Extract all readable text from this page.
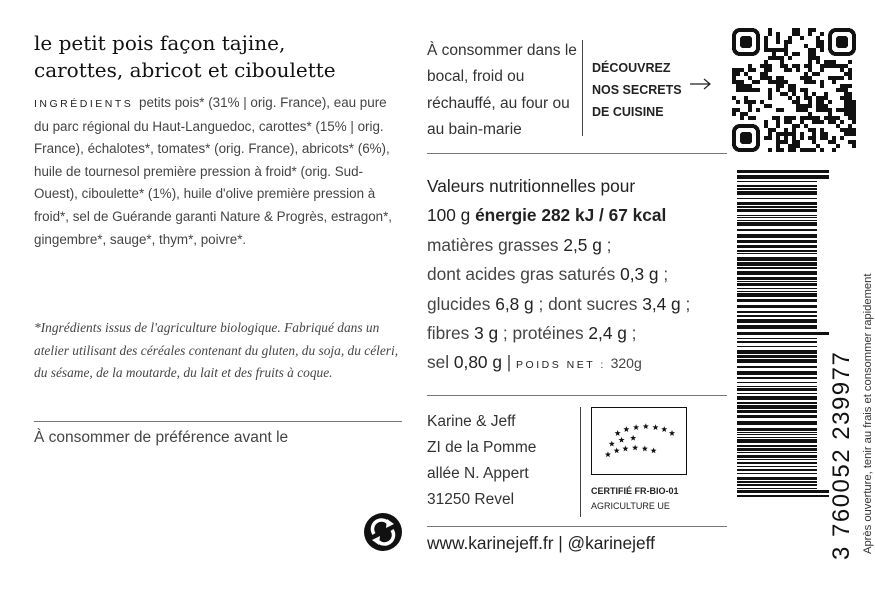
le petit pois façon tajine,
carottes, abricot et ciboulette
INGRÉDIENTS petits pois* (31% | orig. France), eau pure du parc régional du Haut-Languedoc, carottes* (15% | orig. France), échalotes*, tomates* (orig. France), abricots* (6%), huile de tournesol première pression à froid* (orig. Sud-Ouest), ciboulette* (1%), huile d'olive première pression à froid*, sel de Guérande garanti Nature & Progrès, estragon*, gingembre*, sauge*, thym*, poivre*.
*Ingrédients issus de l'agriculture biologique. Fabriqué dans un atelier utilisant des céréales contenant du gluten, du soja, du céleri, du sésame, de la moutarde, du lait et des fruits à coque.
À consommer de préférence avant le
À consommer dans le bocal, froid ou réchauffé, au four ou au bain-marie
DÉCOUVREZ
NOS SECRETS
DE CUISINE
Valeurs nutritionnelles pour
100 g énergie 282 kJ / 67 kcal
matières grasses 2,5 g ;
dont acides gras saturés 0,3 g ;
glucides 6,8 g ; dont sucres 3,4 g ;
fibres 3 g ; protéines 2,4 g ;
sel 0,80 g | POIDS NET : 320g
Karine & Jeff
ZI de la Pomme
allée N. Appert
31250 Revel	CERTIFIÉ FR-BIO-01
AGRICULTURE UE
www.karinejeff.fr | @karinejeff	3 760052 239977 Après ouverture, tenir au frais et consommer rapidement
